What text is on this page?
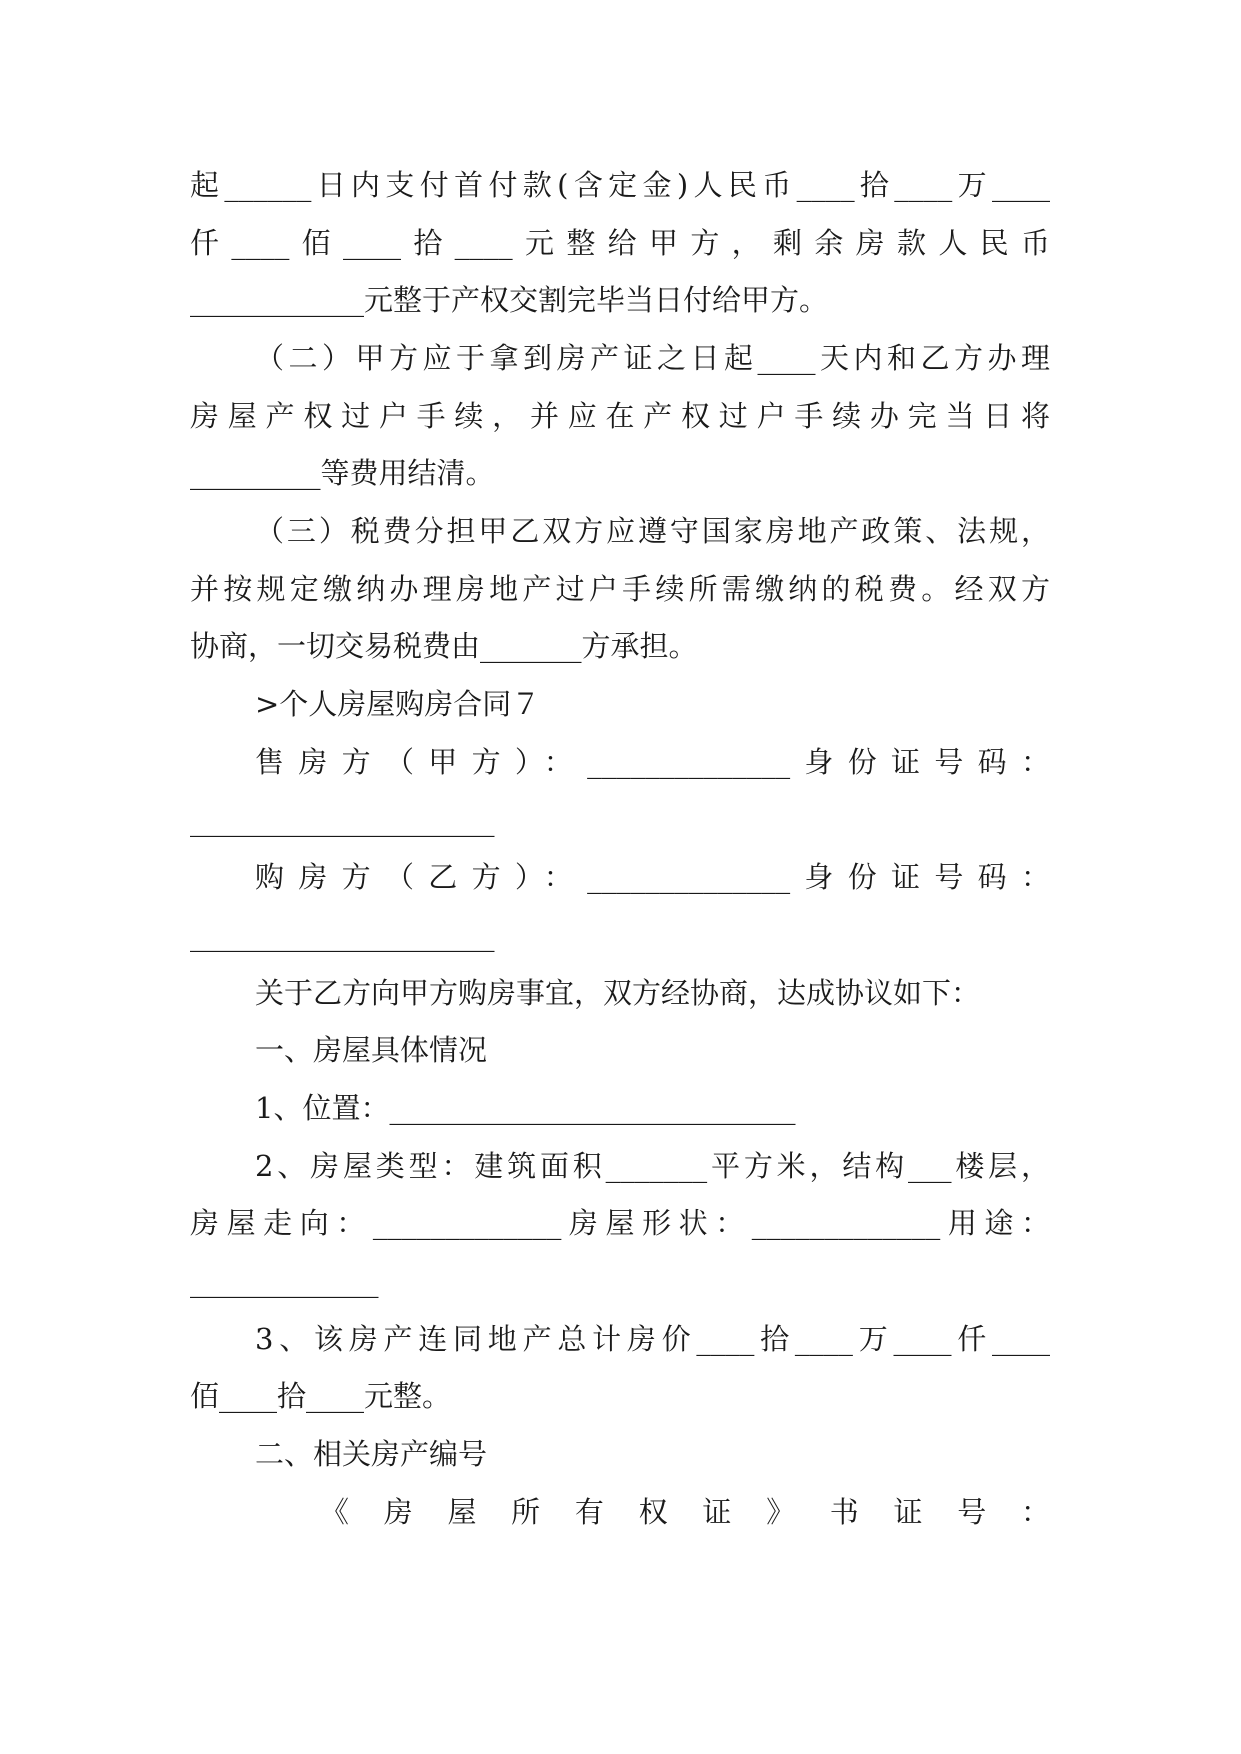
起______日内支付首付款(含定金)人民币____拾____万____
仟____佰____拾____元整给甲方，剩余房款人民币
____________元整于产权交割完毕当日付给甲方。
（二）甲方应于拿到房产证之日起____天内和乙方办理
房屋产权过户手续，并应在产权过户手续办完当日将
_________等费用结清。
（三）税费分担甲乙双方应遵守国家房地产政策、法规，
并按规定缴纳办理房地产过户手续所需缴纳的税费。经双方
协商，一切交易税费由_______方承担。
>个人房屋购房合同７
售房方（甲方）：______________身份证号码：
_____________________
购房方（乙方）：______________身份证号码：
_____________________
关于乙方向甲方购房事宜，双方经协商，达成协议如下：
一、房屋具体情况
1、位置：____________________________
2、房屋类型：建筑面积_______平方米，结构___楼层，
房屋走向：_____________房屋形状：_____________用途：
_____________
3、该房产连同地产总计房价____拾____万____仟____
佰____拾____元整。
二、相关房产编号
《房屋所有权证》书证号：
